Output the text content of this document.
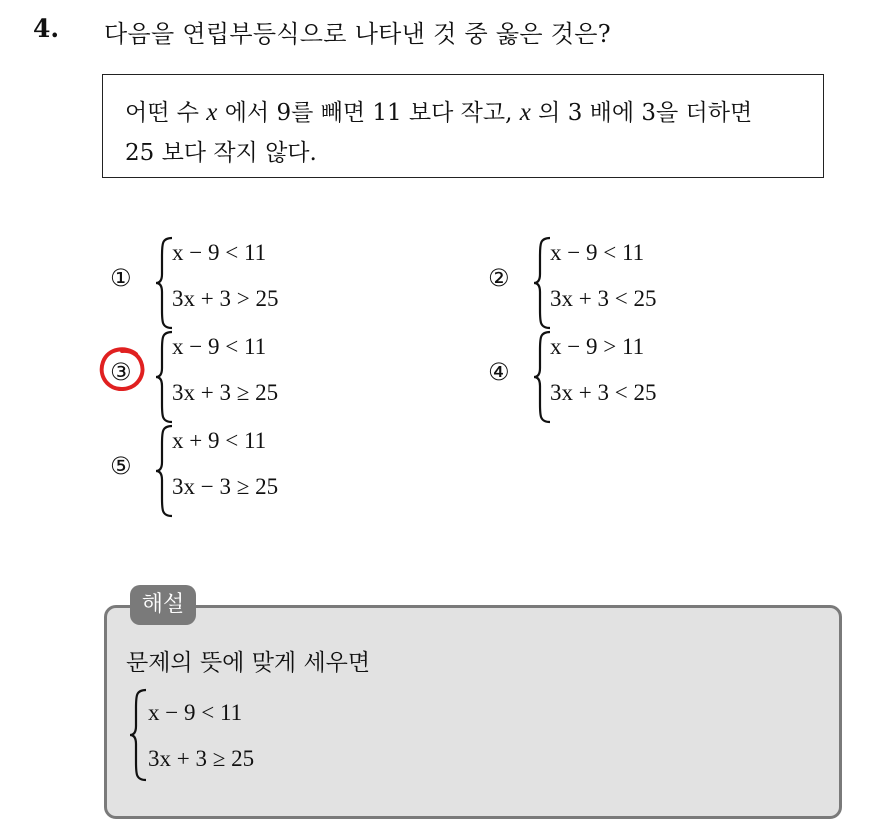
4. 다음을 연립부등식으로 나타낸 것 중 옳은 것은?
어떤 수 x 에서 9를 빼면 11 보다 작고, x 의 3 배에 3을 더하면
25 보다 작지 않다.
①
x − 9 < 11
3x + 3 > 25
②
x − 9 < 11
3x + 3 < 25
③
x − 9 < 11
3x + 3 ≥ 25
④
x − 9 > 11
3x + 3 < 25
⑤
x + 9 < 11
3x − 3 ≥ 25
해설
문제의 뜻에 맞게 세우면
x − 9 < 11
3x + 3 ≥ 25
